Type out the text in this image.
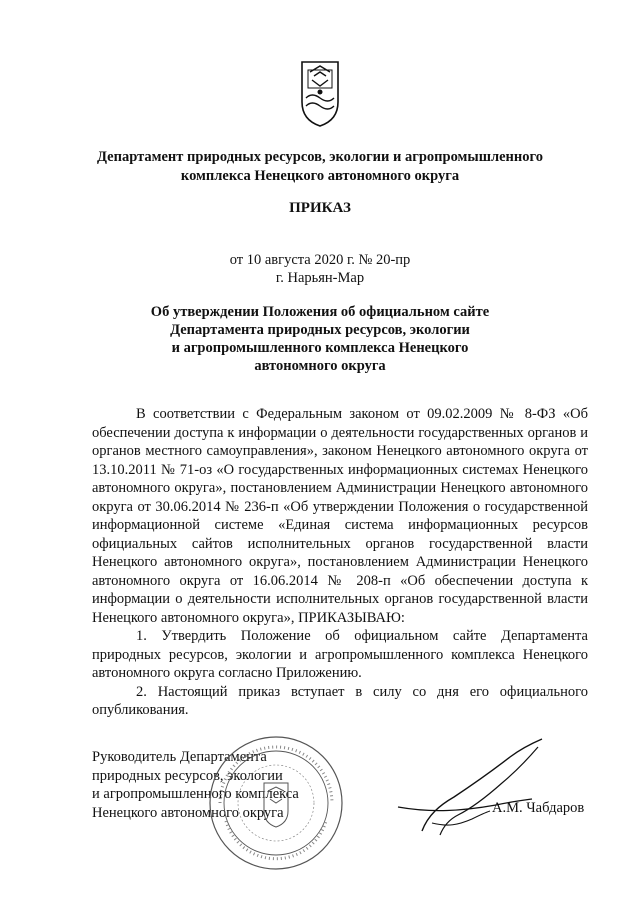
Департамент природных ресурсов, экологии и агропромышленного
комплекса Ненецкого автономного округа
ПРИКАЗ
от 10 августа 2020 г. № 20-пр
г. Нарьян-Мар
Об утверждении Положения об официальном сайте
Департамента природных ресурсов, экологии
и агропромышленного комплекса Ненецкого
автономного округа

В соответствии с Федеральным законом от 09.02.2009 № 8-ФЗ «Об обеспечении доступа к информации о деятельности государственных органов и органов местного самоуправления», законом Ненецкого автономного округа от 13.10.2011 № 71-оз «О государственных информационных системах Ненецкого автономного округа», постановлением Администрации Ненецкого автономного округа от 30.06.2014 № 236-п «Об утверждении Положения о государственной информационной системе «Единая система информационных ресурсов официальных сайтов исполнительных органов государственной власти Ненецкого автономного округа», постановлением Администрации Ненецкого автономного округа от 16.06.2014 № 208-п «Об обеспечении доступа к информации о деятельности исполнительных органов государственной власти Ненецкого автономного округа», ПРИКАЗЫВАЮ:

1. Утвердить Положение об официальном сайте Департамента природных ресурсов, экологии и агропромышленного комплекса Ненецкого автономного округа согласно Приложению.

2. Настоящий приказ вступает в силу со дня его официального опубликования.

Руководитель Департамента
природных ресурсов, экологии
и агропромышленного комплекса
Ненецкого автономного округа	А.М. Чабдаров
